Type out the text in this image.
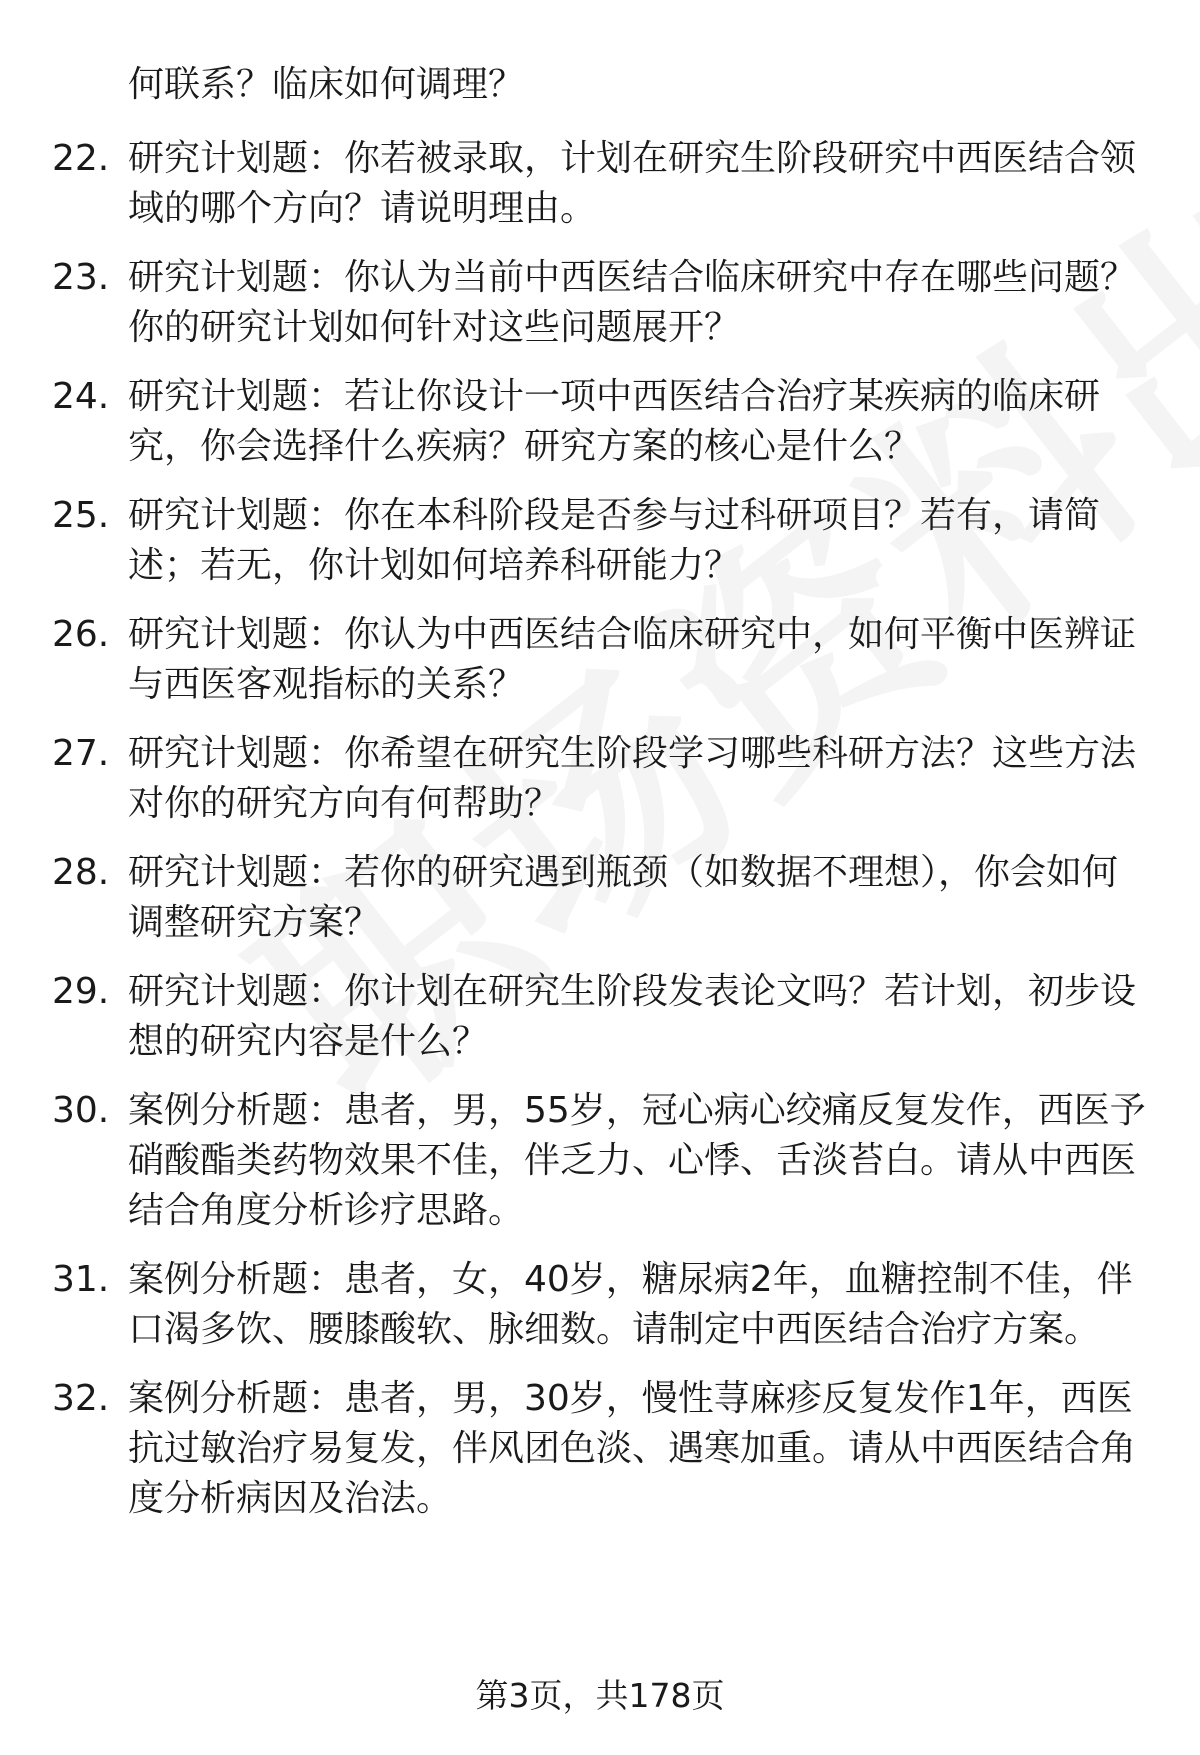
何联系？临床如何调理？
22. 研究计划题：你若被录取，计划在研究生阶段研究中西医结合领域的哪个方向？请说明理由。
23. 研究计划题：你认为当前中西医结合临床研究中存在哪些问题？你的研究计划如何针对这些问题展开？
24. 研究计划题：若让你设计一项中西医结合治疗某疾病的临床研究，你会选择什么疾病？研究方案的核心是什么？
25. 研究计划题：你在本科阶段是否参与过科研项目？若有，请简述；若无，你计划如何培养科研能力？
26. 研究计划题：你认为中西医结合临床研究中，如何平衡中医辨证与西医客观指标的关系？
27. 研究计划题：你希望在研究生阶段学习哪些科研方法？这些方法对你的研究方向有何帮助？
28. 研究计划题：若你的研究遇到瓶颈（如数据不理想），你会如何调整研究方案？
29. 研究计划题：你计划在研究生阶段发表论文吗？若计划，初步设想的研究内容是什么？
30. 案例分析题：患者，男，55岁，冠心病心绞痛反复发作，西医予硝酸酯类药物效果不佳，伴乏力、心悸、舌淡苔白。请从中西医结合角度分析诊疗思路。
31. 案例分析题：患者，女，40岁，糖尿病2年，血糖控制不佳，伴口渴多饮、腰膝酸软、脉细数。请制定中西医结合治疗方案。
32. 案例分析题：患者，男，30岁，慢性荨麻疹反复发作1年，西医抗过敏治疗易复发，伴风团色淡、遇寒加重。请从中西医结合角度分析病因及治法。
第3页，共178页
